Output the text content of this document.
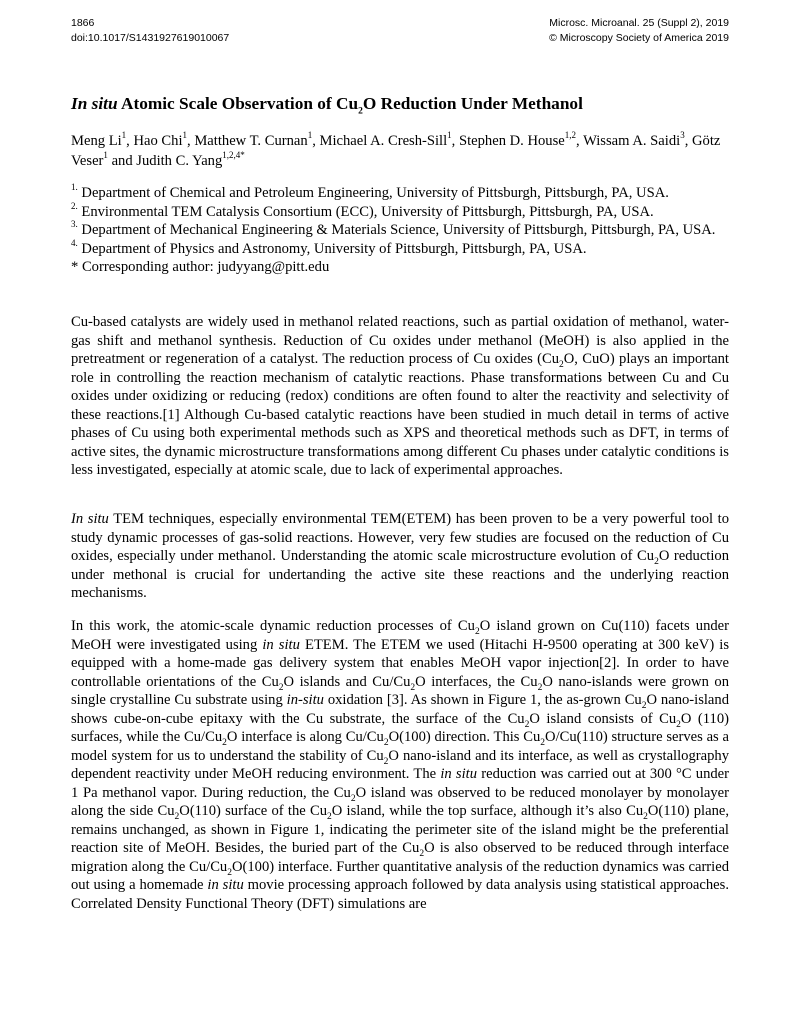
1866
doi:10.1017/S1431927619010067
Microsc. Microanal. 25 (Suppl 2), 2019
© Microscopy Society of America 2019
In situ Atomic Scale Observation of $Cu_2O$ Reduction Under Methanol
Meng Li$^1$, Hao Chi$^1$, Matthew T. Curnan$^1$, Michael A. Cresh-Sill$^1$, Stephen D. House$^{1,2}$, Wissam A. Saidi$^3$, Götz Veser$^1$ and Judith C. Yang$^{1,2,4*}$
$^{1.}$ Department of Chemical and Petroleum Engineering, University of Pittsburgh, Pittsburgh, PA, USA.
$^{2.}$ Environmental TEM Catalysis Consortium (ECC), University of Pittsburgh, Pittsburgh, PA, USA.
$^{3.}$ Department of Mechanical Engineering & Materials Science, University of Pittsburgh, Pittsburgh, PA, USA.
$^{4.}$ Department of Physics and Astronomy, University of Pittsburgh, Pittsburgh, PA, USA.
* Corresponding author: judyyang@pitt.edu
Cu-based catalysts are widely used in methanol related reactions, such as partial oxidation of methanol, water-gas shift and methanol synthesis. Reduction of Cu oxides under methanol (MeOH) is also applied in the pretreatment or regeneration of a catalyst. The reduction process of Cu oxides ($Cu_2O$, CuO) plays an important role in controlling the reaction mechanism of catalytic reactions. Phase transformations between Cu and Cu oxides under oxidizing or reducing (redox) conditions are often found to alter the reactivity and selectivity of these reactions.[1] Although Cu-based catalytic reactions have been studied in much detail in terms of active phases of Cu using both experimental methods such as XPS and theoretical methods such as DFT, in terms of active sites, the dynamic microstructure transformations among different Cu phases under catalytic conditions is less investigated, especially at atomic scale, due to lack of experimental approaches.
In situ TEM techniques, especially environmental TEM(ETEM) has been proven to be a very powerful tool to study dynamic processes of gas-solid reactions. However, very few studies are focused on the reduction of Cu oxides, especially under methanol. Understanding the atomic scale microstructure evolution of $Cu_2O$ reduction under methonal is crucial for undertanding the active site these reactions and the underlying reaction mechanisms.
In this work, the atomic-scale dynamic reduction processes of $Cu_2O$ island grown on Cu(110) facets under MeOH were investigated using in situ ETEM. The ETEM we used (Hitachi H-9500 operating at 300 keV) is equipped with a home-made gas delivery system that enables MeOH vapor injection[2]. In order to have controllable orientations of the $Cu_2O$ islands and $Cu/Cu_2O$ interfaces, the $Cu_2O$ nano-islands were grown on single crystalline Cu substrate using in-situ oxidation [3]. As shown in Figure 1, the as-grown $Cu_2O$ nano-island shows cube-on-cube epitaxy with the Cu substrate, the surface of the $Cu_2O$ island consists of $Cu_2O$ (110) surfaces, while the $Cu/Cu_2O$ interface is along $Cu/Cu_2O(100)$ direction. This $Cu_2O/Cu(110)$ structure serves as a model system for us to understand the stability of $Cu_2O$ nano-island and its interface, as well as crystallography dependent reactivity under MeOH reducing environment. The in situ reduction was carried out at 300 °C under 1 Pa methanol vapor. During reduction, the $Cu_2O$ island was observed to be reduced monolayer by monolayer along the side $Cu_2O(110)$ surface of the $Cu_2O$ island, while the top surface, although it’s also $Cu_2O(110)$ plane, remains unchanged, as shown in Figure 1, indicating the perimeter site of the island might be the preferential reaction site of MeOH. Besides, the buried part of the $Cu_2O$ is also observed to be reduced through interface migration along the $Cu/Cu_2O(100)$ interface. Further quantitative analysis of the reduction dynamics was carried out using a homemade in situ movie processing approach followed by data analysis using statistical approaches. Correlated Density Functional Theory (DFT) simulations are
